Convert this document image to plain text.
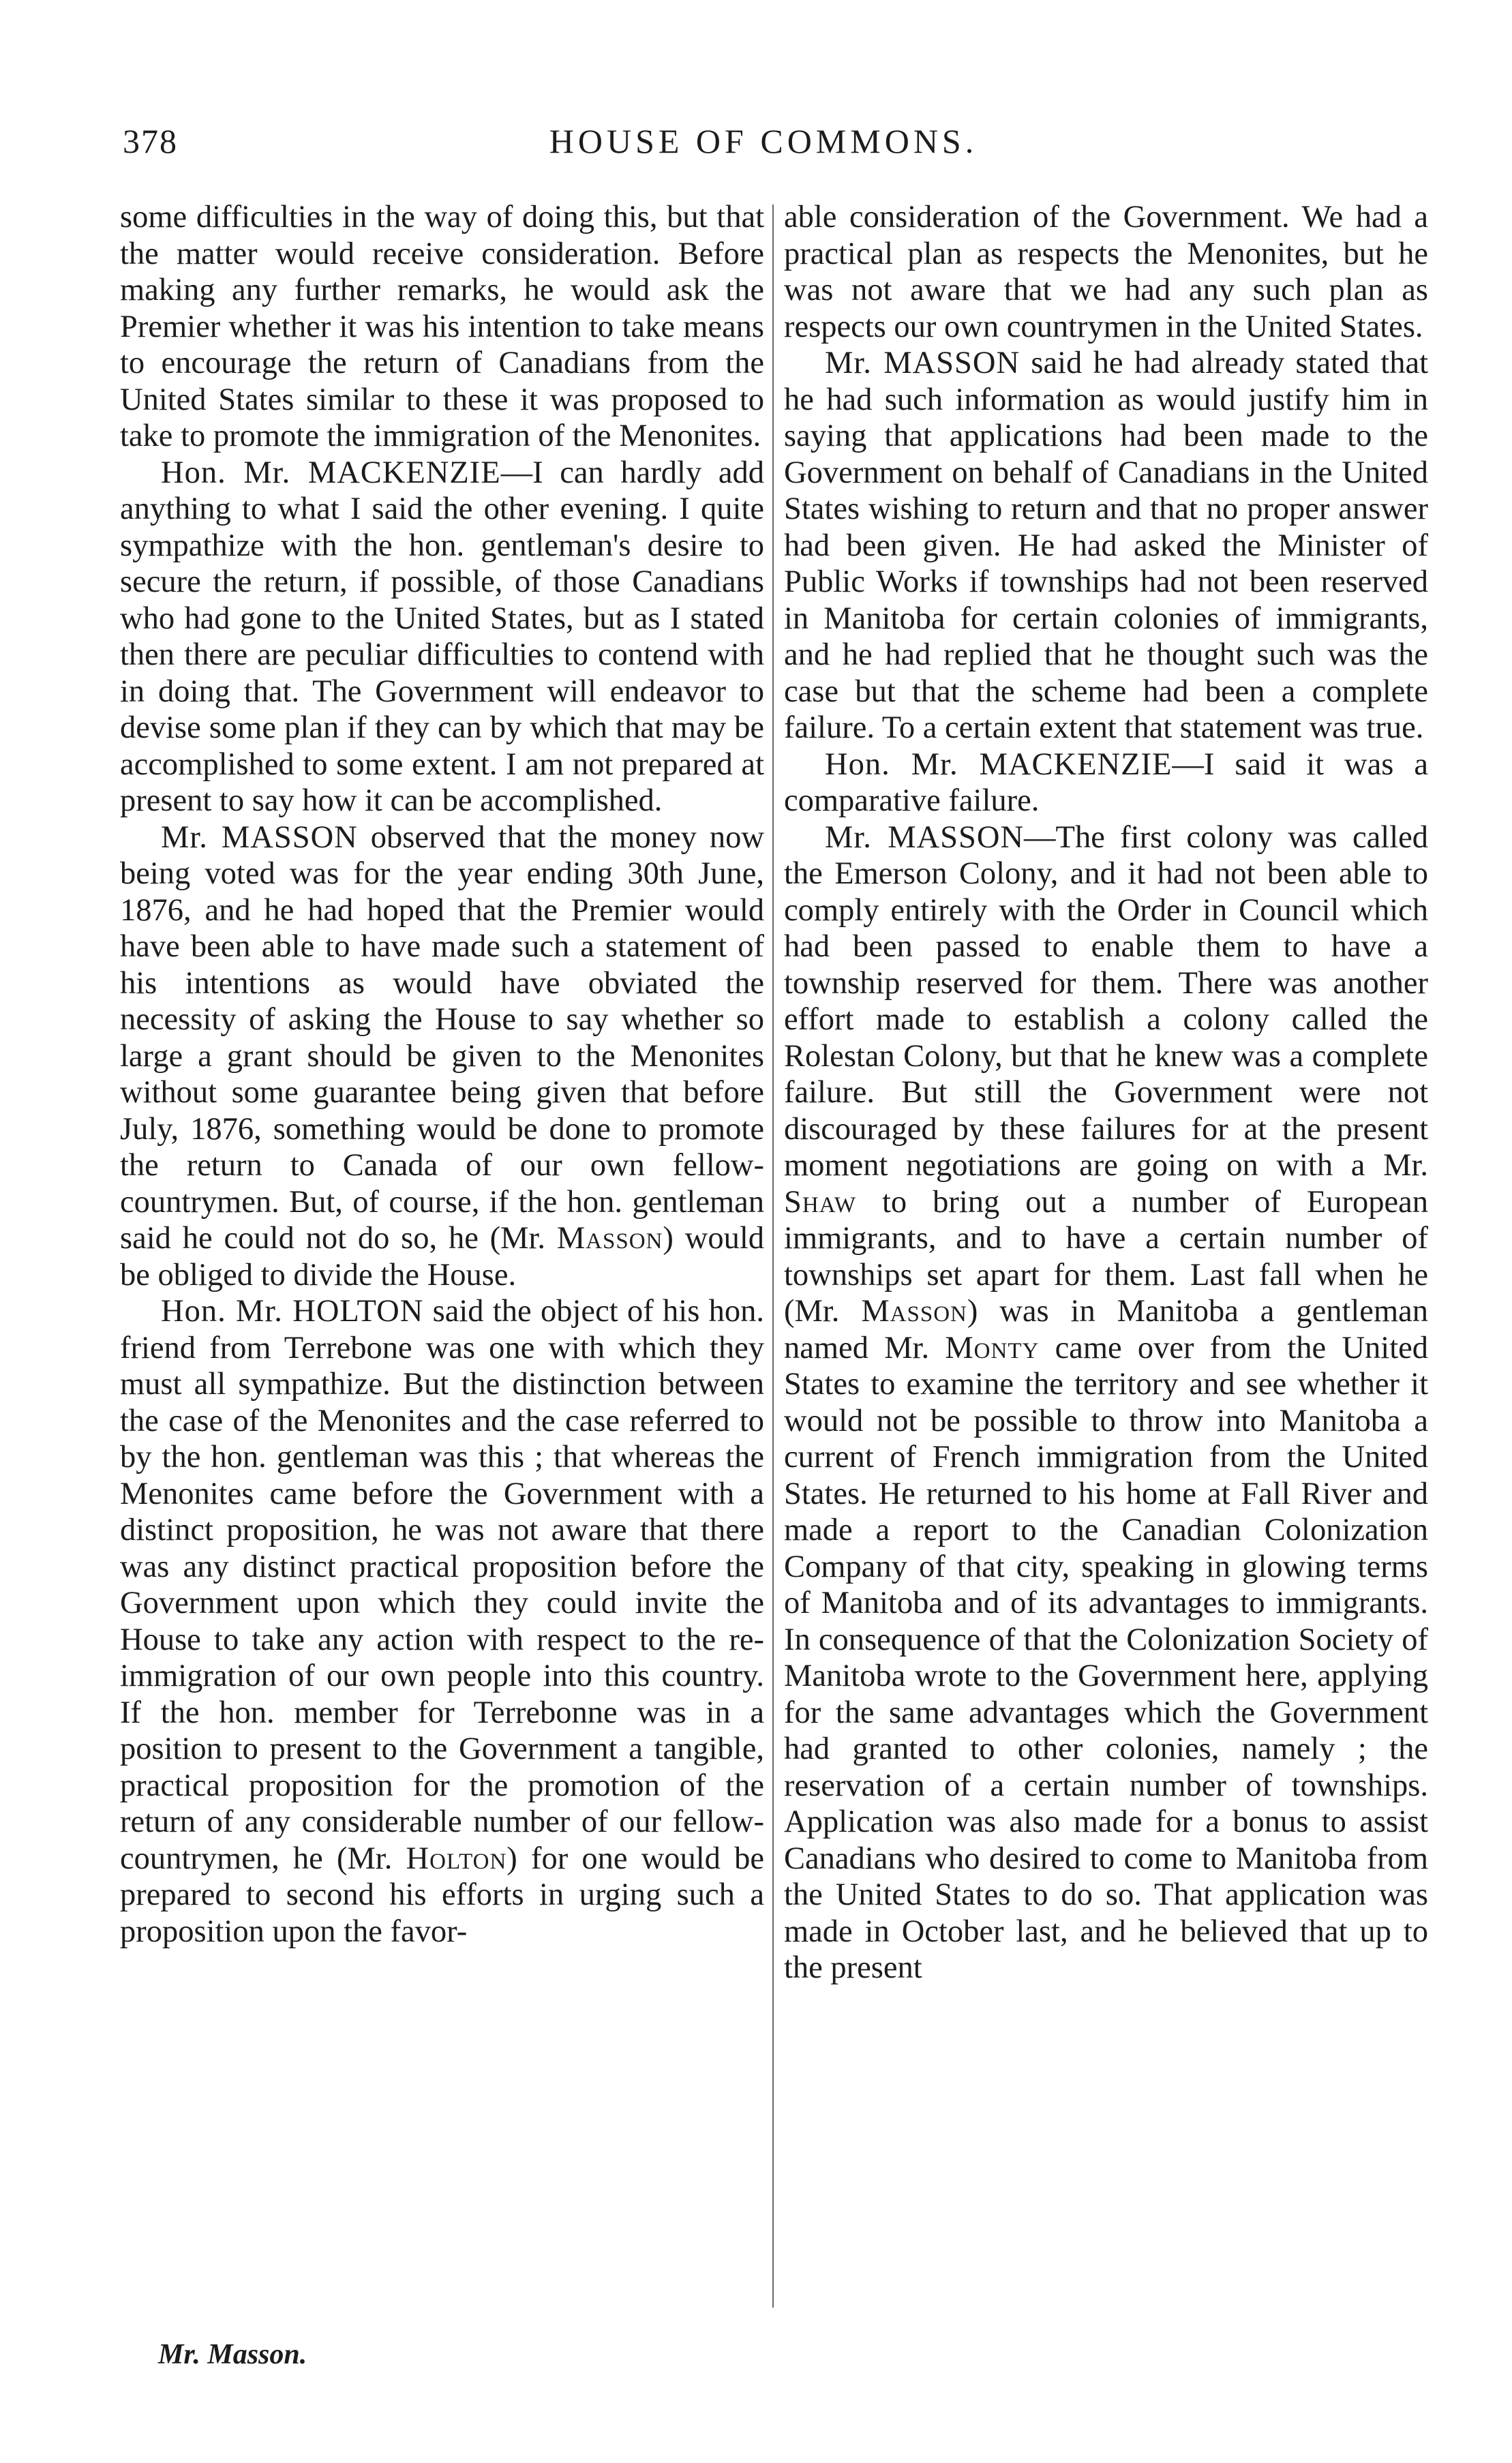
378	HOUSE OF COMMONS.

some difficulties in the way of doing this, but that the matter would receive consideration. Before making any further remarks, he would ask the Premier whether it was his intention to take means to encourage the return of Canadians from the United States similar to these it was proposed to take to promote the immigration of the Menonites.

Hon. Mr. MACKENZIE—I can hardly add anything to what I said the other evening. I quite sympathize with the hon. gentleman's desire to secure the return, if possible, of those Canadians who had gone to the United States, but as I stated then there are peculiar difficulties to contend with in doing that. The Government will endeavor to devise some plan if they can by which that may be accomplished to some extent. I am not prepared at present to say how it can be accomplished.

Mr. MASSON observed that the money now being voted was for the year ending 30th June, 1876, and he had hoped that the Premier would have been able to have made such a statement of his intentions as would have obviated the necessity of asking the House to say whether so large a grant should be given to the Menonites without some guarantee being given that before July, 1876, something would be done to promote the return to Canada of our own fellow-countrymen. But, of course, if the hon. gentleman said he could not do so, he (Mr. Masson) would be obliged to divide the House.

Hon. Mr. HOLTON said the object of his hon. friend from Terrebone was one with which they must all sympathize. But the distinction between the case of the Menonites and the case referred to by the hon. gentleman was this ; that whereas the Menonites came before the Government with a distinct proposition, he was not aware that there was any distinct practical proposition before the Government upon which they could invite the House to take any action with respect to the re-immigration of our own people into this country. If the hon. member for Terrebonne was in a position to present to the Government a tangible, practical proposition for the promotion of the return of any considerable number of our fellow-countrymen, he (Mr. Holton) for one would be prepared to second his efforts in urging such a proposition upon the favor-

able consideration of the Government. We had a practical plan as respects the Menonites, but he was not aware that we had any such plan as respects our own countrymen in the United States.

Mr. MASSON said he had already stated that he had such information as would justify him in saying that applications had been made to the Government on behalf of Canadians in the United States wishing to return and that no proper answer had been given. He had asked the Minister of Public Works if townships had not been reserved in Manitoba for certain colonies of immigrants, and he had replied that he thought such was the case but that the scheme had been a complete failure. To a certain extent that statement was true.

Hon. Mr. MACKENZIE—I said it was a comparative failure.

Mr. MASSON—The first colony was called the Emerson Colony, and it had not been able to comply entirely with the Order in Council which had been passed to enable them to have a township reserved for them. There was another effort made to establish a colony called the Rolestan Colony, but that he knew was a complete failure. But still the Government were not discouraged by these failures for at the present moment negotiations are going on with a Mr. Shaw to bring out a number of European immigrants, and to have a certain number of townships set apart for them. Last fall when he (Mr. Masson) was in Manitoba a gentleman named Mr. Monty came over from the United States to examine the territory and see whether it would not be possible to throw into Manitoba a current of French immigration from the United States. He returned to his home at Fall River and made a report to the Canadian Colonization Company of that city, speaking in glowing terms of Manitoba and of its advantages to immigrants. In consequence of that the Colonization Society of Manitoba wrote to the Government here, applying for the same advantages which the Government had granted to other colonies, namely ; the reservation of a certain number of townships. Application was also made for a bonus to assist Canadians who desired to come to Manitoba from the United States to do so. That application was made in October last, and he believed that up to the present

Mr. Masson.
